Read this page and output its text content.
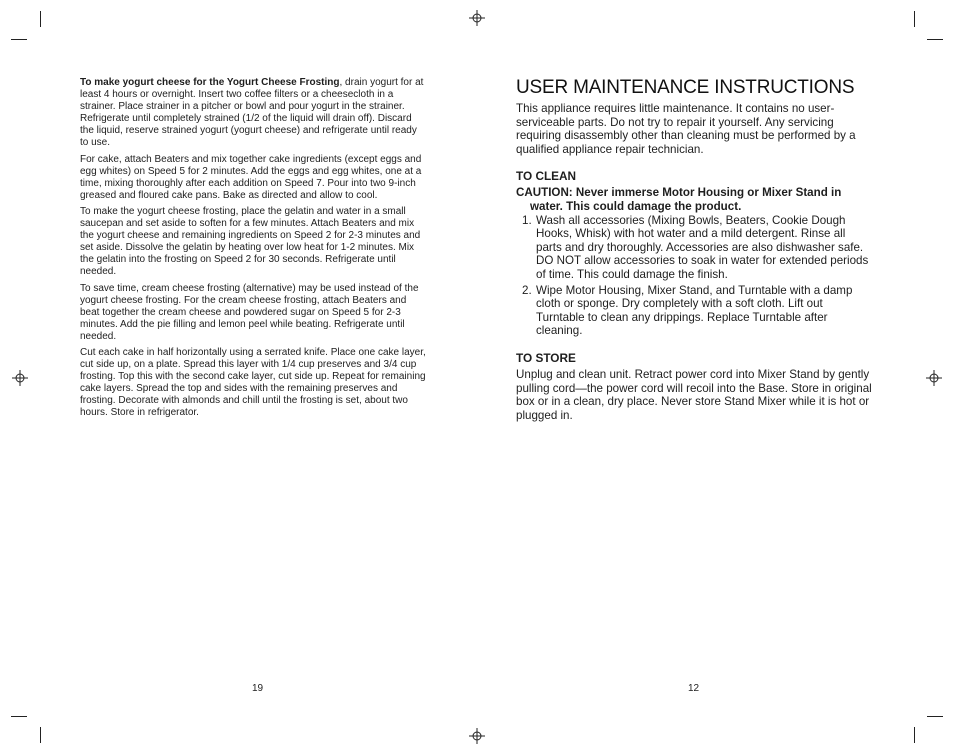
To make yogurt cheese for the Yogurt Cheese Frosting, drain yogurt for at least 4 hours or overnight. Insert two coffee filters or a cheesecloth in a strainer. Place strainer in a pitcher or bowl and pour yogurt in the strainer. Refrigerate until completely strained (1/2 of the liquid will drain off). Discard the liquid, reserve strained yogurt (yogurt cheese) and refrigerate until ready to use.

For cake, attach Beaters and mix together cake ingredients (except eggs and egg whites) on Speed 5 for 2 minutes. Add the eggs and egg whites, one at a time, mixing thoroughly after each addition on Speed 7. Pour into two 9-inch greased and floured cake pans. Bake as directed and allow to cool.

To make the yogurt cheese frosting, place the gelatin and water in a small saucepan and set aside to soften for a few minutes. Attach Beaters and mix the yogurt cheese and remaining ingredients on Speed 2 for 2-3 minutes and set aside. Dissolve the gelatin by heating over low heat for 1-2 minutes. Mix the gelatin into the frosting on Speed 2 for 30 seconds. Refrigerate until needed.

To save time, cream cheese frosting (alternative) may be used instead of the yogurt cheese frosting. For the cream cheese frosting, attach Beaters and beat together the cream cheese and powdered sugar on Speed 5 for 2-3 minutes. Add the pie filling and lemon peel while beating. Refrigerate until needed.

Cut each cake in half horizontally using a serrated knife. Place one cake layer, cut side up, on a plate. Spread this layer with 1/4 cup preserves and 3/4 cup frosting. Top this with the second cake layer, cut side up. Repeat for remaining cake layers. Spread the top and sides with the remaining preserves and frosting. Decorate with almonds and chill until the frosting is set, about two hours. Store in refrigerator.

19
USER MAINTENANCE INSTRUCTIONS

This appliance requires little maintenance. It contains no user-serviceable parts. Do not try to repair it yourself. Any servicing requiring disassembly other than cleaning must be performed by a qualified appliance repair technician.

TO CLEAN

CAUTION: Never immerse Motor Housing or Mixer Stand in water. This could damage the product.

1. Wash all accessories (Mixing Bowls, Beaters, Cookie Dough Hooks, Whisk) with hot water and a mild detergent. Rinse all parts and dry thoroughly. Accessories are also dishwasher safe. DO NOT allow accessories to soak in water for extended periods of time. This could damage the finish.
2. Wipe Motor Housing, Mixer Stand, and Turntable with a damp cloth or sponge. Dry completely with a soft cloth. Lift out Turntable to clean any drippings. Replace Turntable after cleaning.
TO STORE

Unplug and clean unit. Retract power cord into Mixer Stand by gently pulling cord—the power cord will recoil into the Base. Store in original box or in a clean, dry place. Never store Stand Mixer while it is hot or plugged in.

12
